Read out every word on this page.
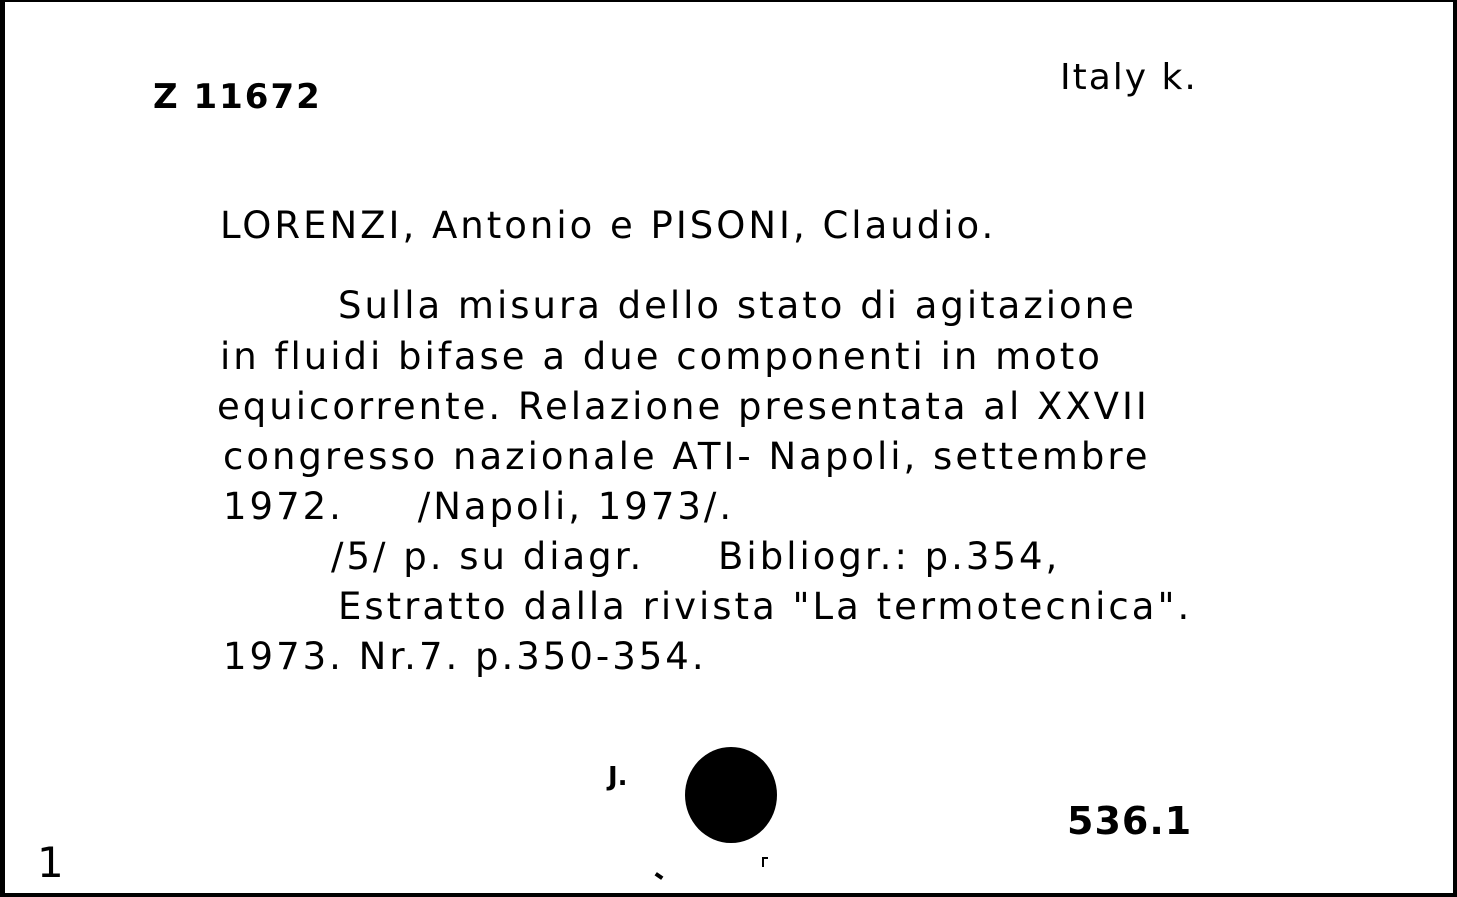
Z 11672	Italy k.
LORENZI, Antonio e PISONI, Claudio.
Sulla misura dello stato di agitazione
in fluidi bifase a due componenti in moto
equicorrente. Relazione presentata al XXVII
congresso nazionale ATI- Napoli, settembre
1972.     /Napoli, 1973/.
/5/ p. su diagr.     Bibliogr.: p.354,
Estratto dalla rivista "La termotecnica".
1973. Nr.7. p.350-354.
J.
536.1
1
